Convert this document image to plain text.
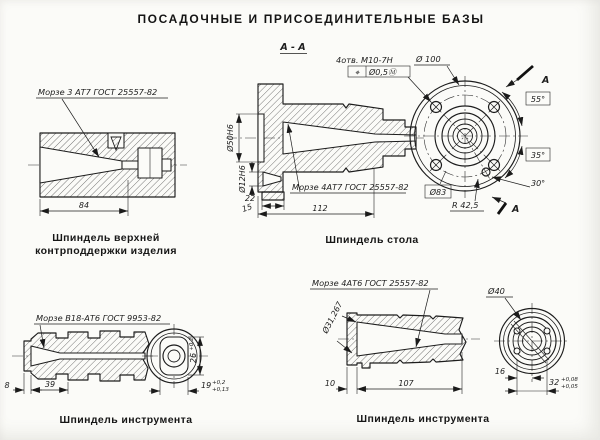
ПОСАДОЧНЫЕ И ПРИСОЕДИНИТЕЛЬНЫЕ БАЗЫ
Морзе 3 АТ7 ГОСТ 25557-82
84
Шпиндель верхней
контрподдержки изделия
А - А
4отв. М10-7Н
⌖ Ø0,5Ⓜ
Ø50Н6
Ø12Н6
22
15	112
Морзе 4АТ7 ГОСТ 25557-82
Шпиндель стола
Ø 100
55°
35°
30°
R 42,5
Ø83
А
А
Морзе В18-АТ6 ГОСТ 9953-82
8	39
26
+0,2
19 +0,2
+0,13
Шпиндель инструмента
Морзе 4АТ6 ГОСТ 25557-82
Ø31,267
10	107
Ø40
16
32 +0,08
+0,05
Шпиндель инструмента
